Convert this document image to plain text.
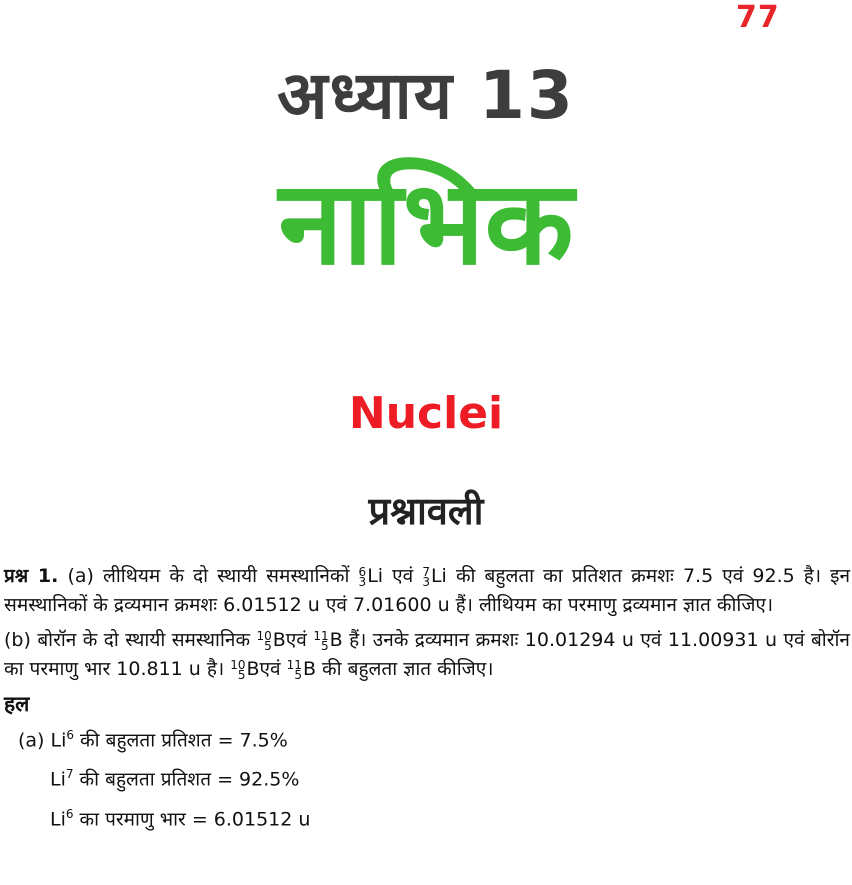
77
अध्याय 13
नाभिक
Nuclei
प्रश्नावली

प्रश्न 1. (a) लीथियम के दो स्थायी समस्थानिकों 6
3 Li एवं 7
3 Li की बहुलता का प्रतिशत क्रमशः 7.5 एवं 92.5 है। इन समस्थानिकों के द्रव्यमान क्रमशः 6.01512 u एवं 7.01600 u हैं। लीथियम का परमाणु द्रव्यमान ज्ञात कीजिए।

(b) बोरॉन के दो स्थायी समस्थानिक 10
5 Bएवं 11
5 B हैं। उनके द्रव्यमान क्रमशः 10.01294 u एवं 11.00931 u एवं बोरॉन का परमाणु भार 10.811 u है। 10
5 Bएवं 11
5 B की बहुलता ज्ञात कीजिए।

हल

(a) Li$^6$ की बहुलता प्रतिशत = 7.5%

Li$^7$ की बहुलता प्रतिशत = 92.5%

Li$^6$ का परमाणु भार = 6.01512 u
